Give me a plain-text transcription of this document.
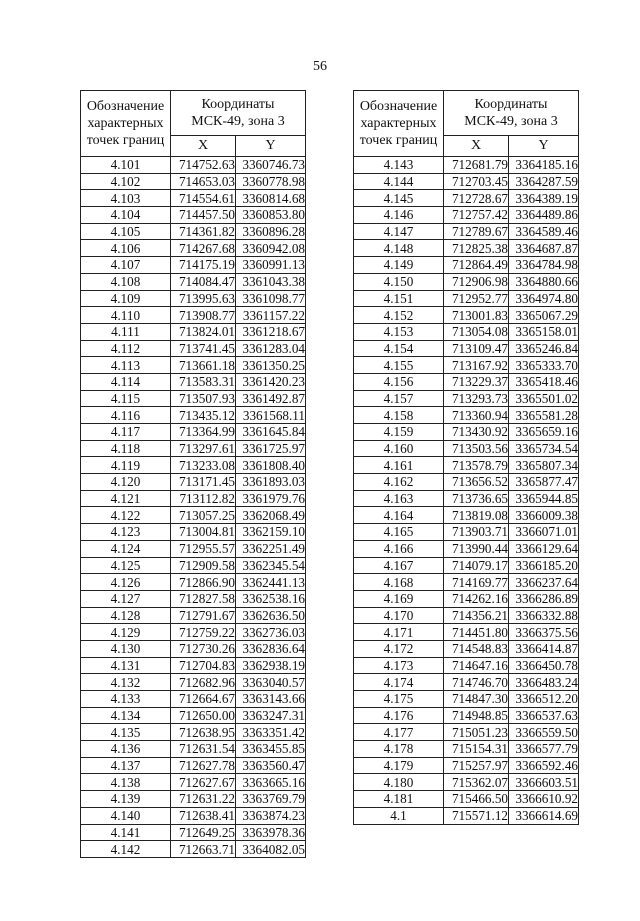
56
Обозначение
характерных
точек границ	Координаты
МСК-49, зона 3	
	X	Y
4.101	714752.63	3360746.73
4.102	714653.03	3360778.98
4.103	714554.61	3360814.68
4.104	714457.50	3360853.80
4.105	714361.82	3360896.28
4.106	714267.68	3360942.08
4.107	714175.19	3360991.13
4.108	714084.47	3361043.38
4.109	713995.63	3361098.77
4.110	713908.77	3361157.22
4.111	713824.01	3361218.67
4.112	713741.45	3361283.04
4.113	713661.18	3361350.25
4.114	713583.31	3361420.23
4.115	713507.93	3361492.87
4.116	713435.12	3361568.11
4.117	713364.99	3361645.84
4.118	713297.61	3361725.97
4.119	713233.08	3361808.40
4.120	713171.45	3361893.03
4.121	713112.82	3361979.76
4.122	713057.25	3362068.49
4.123	713004.81	3362159.10
4.124	712955.57	3362251.49
4.125	712909.58	3362345.54
4.126	712866.90	3362441.13
4.127	712827.58	3362538.16
4.128	712791.67	3362636.50
4.129	712759.22	3362736.03
4.130	712730.26	3362836.64
4.131	712704.83	3362938.19
4.132	712682.96	3363040.57
4.133	712664.67	3363143.66
4.134	712650.00	3363247.31
4.135	712638.95	3363351.42
4.136	712631.54	3363455.85
4.137	712627.78	3363560.47
4.138	712627.67	3363665.16
4.139	712631.22	3363769.79
4.140	712638.41	3363874.23
4.141	712649.25	3363978.36
4.142	712663.71	3364082.05
Обозначение
характерных
точек границ	Координаты
МСК-49, зона 3	
	X	Y
4.143	712681.79	3364185.16
4.144	712703.45	3364287.59
4.145	712728.67	3364389.19
4.146	712757.42	3364489.86
4.147	712789.67	3364589.46
4.148	712825.38	3364687.87
4.149	712864.49	3364784.98
4.150	712906.98	3364880.66
4.151	712952.77	3364974.80
4.152	713001.83	3365067.29
4.153	713054.08	3365158.01
4.154	713109.47	3365246.84
4.155	713167.92	3365333.70
4.156	713229.37	3365418.46
4.157	713293.73	3365501.02
4.158	713360.94	3365581.28
4.159	713430.92	3365659.16
4.160	713503.56	3365734.54
4.161	713578.79	3365807.34
4.162	713656.52	3365877.47
4.163	713736.65	3365944.85
4.164	713819.08	3366009.38
4.165	713903.71	3366071.01
4.166	713990.44	3366129.64
4.167	714079.17	3366185.20
4.168	714169.77	3366237.64
4.169	714262.16	3366286.89
4.170	714356.21	3366332.88
4.171	714451.80	3366375.56
4.172	714548.83	3366414.87
4.173	714647.16	3366450.78
4.174	714746.70	3366483.24
4.175	714847.30	3366512.20
4.176	714948.85	3366537.63
4.177	715051.23	3366559.50
4.178	715154.31	3366577.79
4.179	715257.97	3366592.46
4.180	715362.07	3366603.51
4.181	715466.50	3366610.92
4.1	715571.12	3366614.69
